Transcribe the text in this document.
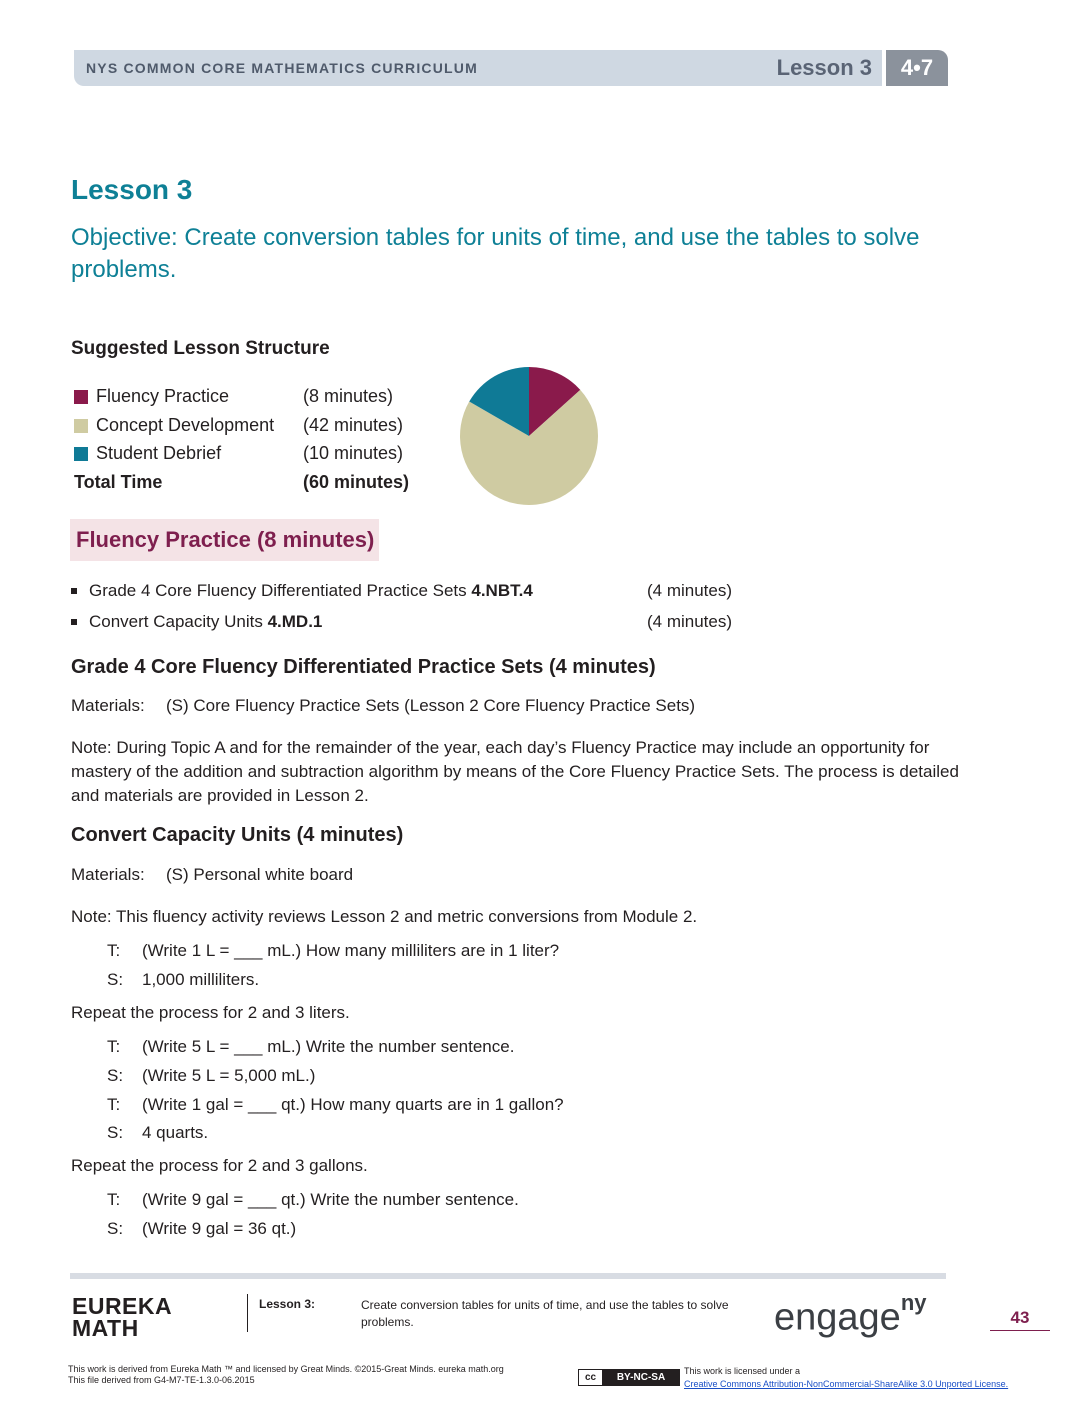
NYS COMMON CORE MATHEMATICS CURRICULUM	Lesson 3	4•7
Lesson 3
Objective: Create conversion tables for units of time, and use the tables to solve problems.
Suggested Lesson Structure
Fluency Practice	(8 minutes)
Concept Development (42 minutes)
Student Debrief	(10 minutes)
Total Time	(60 minutes)
Fluency Practice (8 minutes)
Grade 4 Core Fluency Differentiated Practice Sets 4.NBT.4	(4 minutes)
Convert Capacity Units 4.MD.1	(4 minutes)
Grade 4 Core Fluency Differentiated Practice Sets (4 minutes)
Materials: (S) Core Fluency Practice Sets (Lesson 2 Core Fluency Practice Sets)
Note: During Topic A and for the remainder of the year, each day’s Fluency Practice may include an opportunity for mastery of the addition and subtraction algorithm by means of the Core Fluency Practice Sets. The process is detailed and materials are provided in Lesson 2.
Convert Capacity Units (4 minutes)
Materials: (S) Personal white board
Note: This fluency activity reviews Lesson 2 and metric conversions from Module 2.
T: (Write 1 L = ___ mL.) How many milliliters are in 1 liter?
S: 1,000 milliliters.
Repeat the process for 2 and 3 liters.
T: (Write 5 L = ___ mL.) Write the number sentence.
S: (Write 5 L = 5,000 mL.)
T: (Write 1 gal = ___ qt.) How many quarts are in 1 gallon?
S: 4 quarts.
Repeat the process for 2 and 3 gallons.
T: (Write 9 gal = ___ qt.) Write the number sentence.
S: (Write 9 gal = 36 qt.)
EUREKA
MATH
Lesson 3:	Create conversion tables for units of time, and use the tables to solve problems.	engage$^{ny}$
43
This work is derived from Eureka Math ™ and licensed by Great Minds. ©2015-Great Minds. eureka math.org
This file derived from G4-M7-TE-1.3.0-06.2015	cc	BY-NC-SA
This work is licensed under a
Creative Commons Attribution-NonCommercial-ShareAlike 3.0 Unported License.
